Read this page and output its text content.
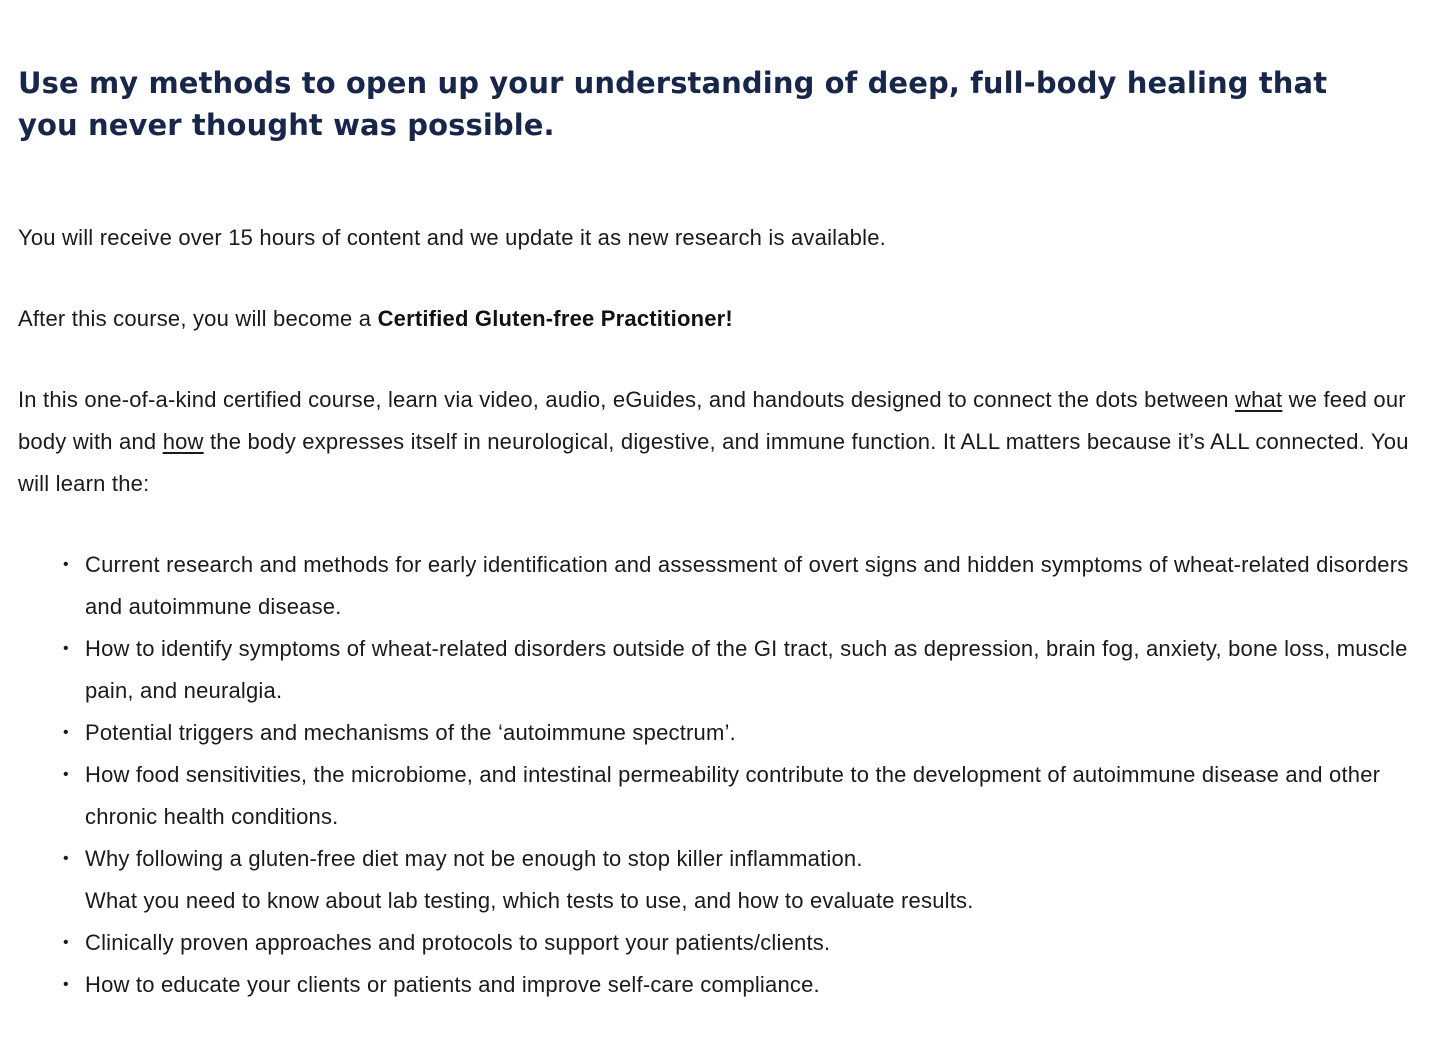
Use my methods to open up your understanding of deep, full-body healing that you never thought was possible.

You will receive over 15 hours of content and we update it as new research is available.

After this course, you will become a Certified Gluten-free Practitioner!

In this one-of-a-kind certified course, learn via video, audio, eGuides, and handouts designed to connect the dots between what we feed our body with and how the body expresses itself in neurological, digestive, and immune function. It ALL matters because it’s ALL connected. You will learn the:

• Current research and methods for early identification and assessment of overt signs and hidden symptoms of wheat-related disorders and autoimmune disease.
• How to identify symptoms of wheat-related disorders outside of the GI tract, such as depression, brain fog, anxiety, bone loss, muscle pain, and neuralgia.
• Potential triggers and mechanisms of the ‘autoimmune spectrum’.
• How food sensitivities, the microbiome, and intestinal permeability contribute to the development of autoimmune disease and other chronic health conditions.
• Why following a gluten-free diet may not be enough to stop killer inflammation.
What you need to know about lab testing, which tests to use, and how to evaluate results.
• Clinically proven approaches and protocols to support your patients/clients.
• How to educate your clients or patients and improve self-care compliance.
